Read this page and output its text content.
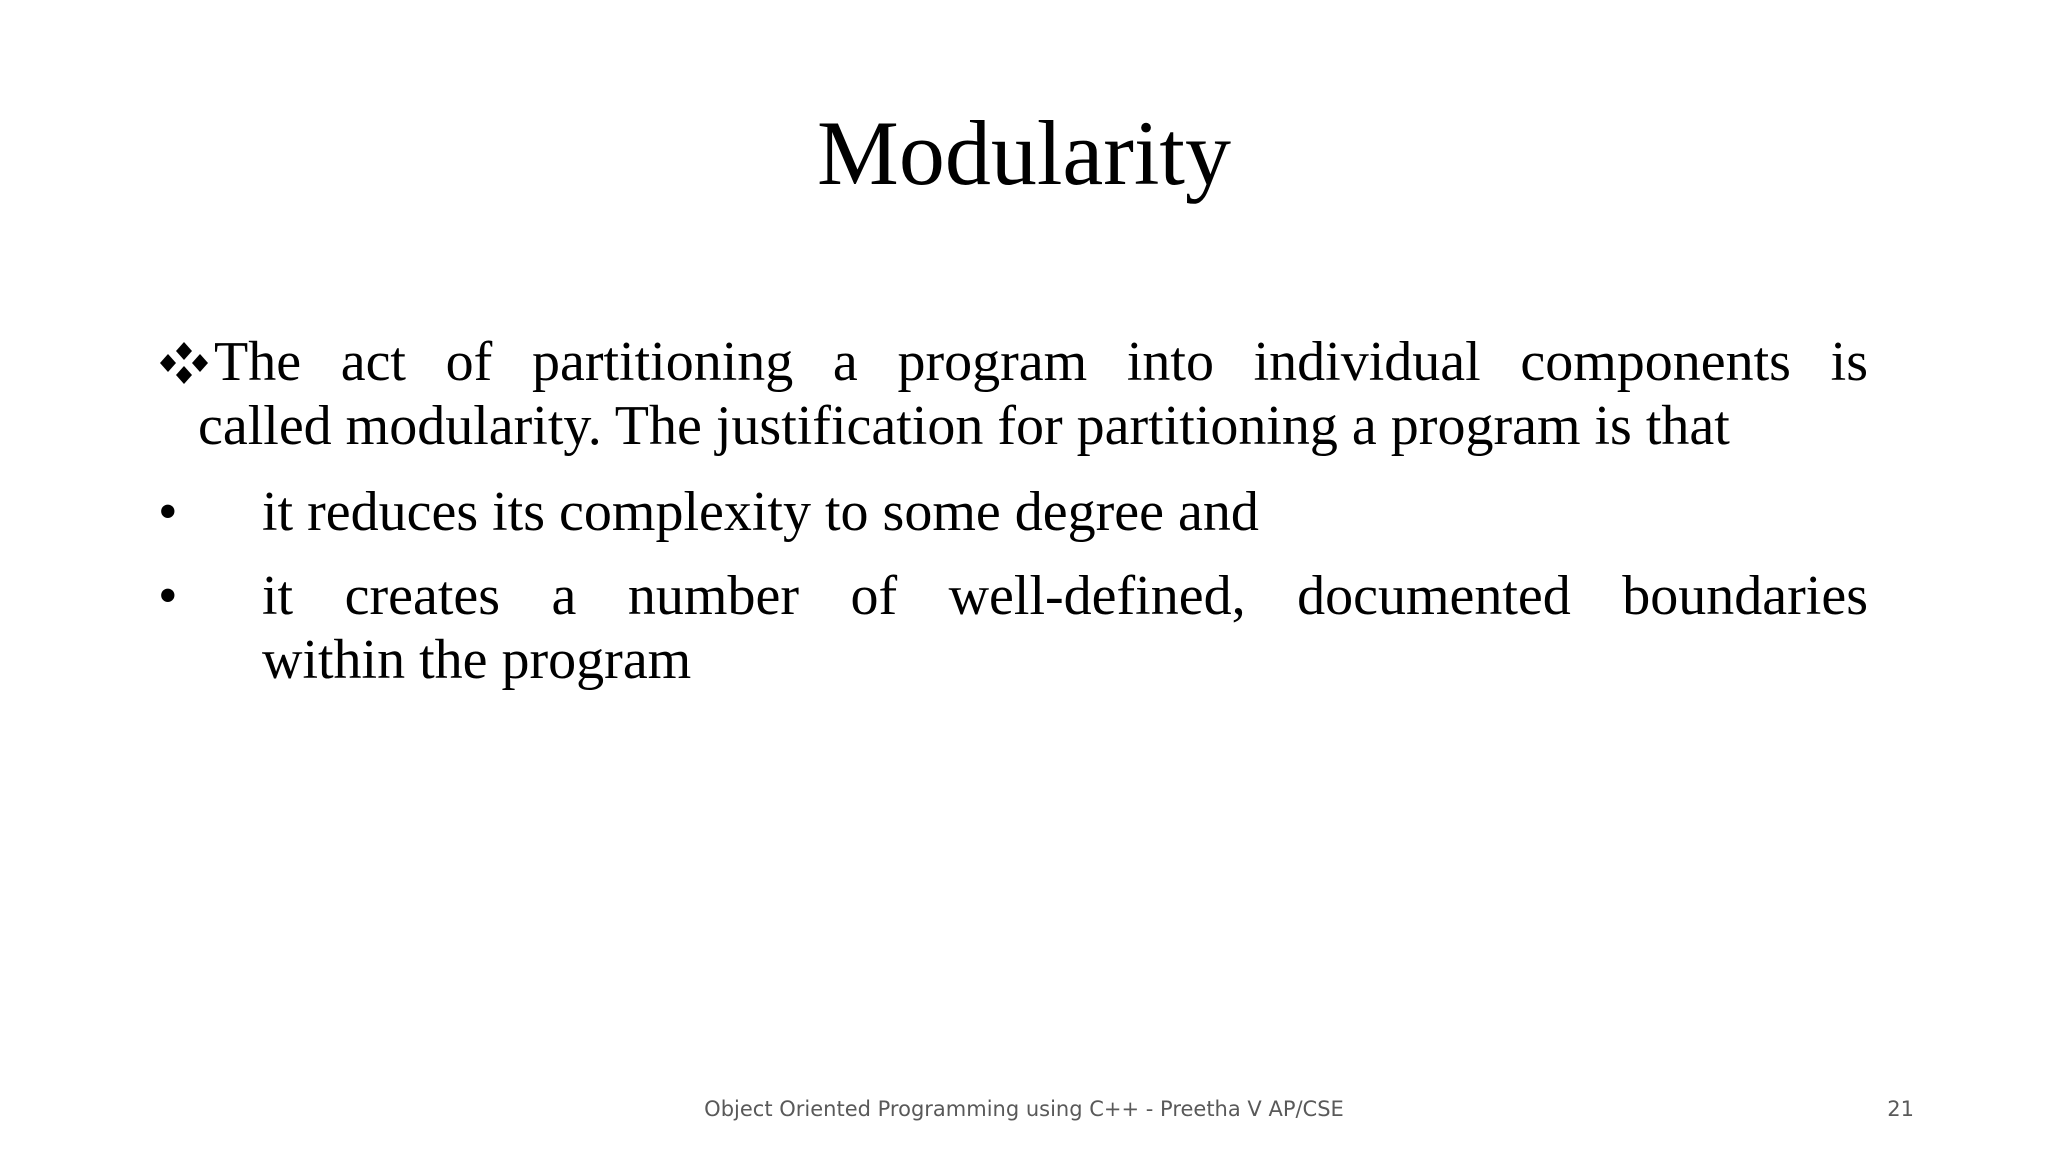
Modularity
The act of partitioning a program into individual components is
called modularity. The justification for partitioning a program is that
• it reduces its complexity to some degree and
• it creates a number of well-defined, documented boundaries
within the program
Object Oriented Programming using C++ - Preetha V AP/CSE	21
